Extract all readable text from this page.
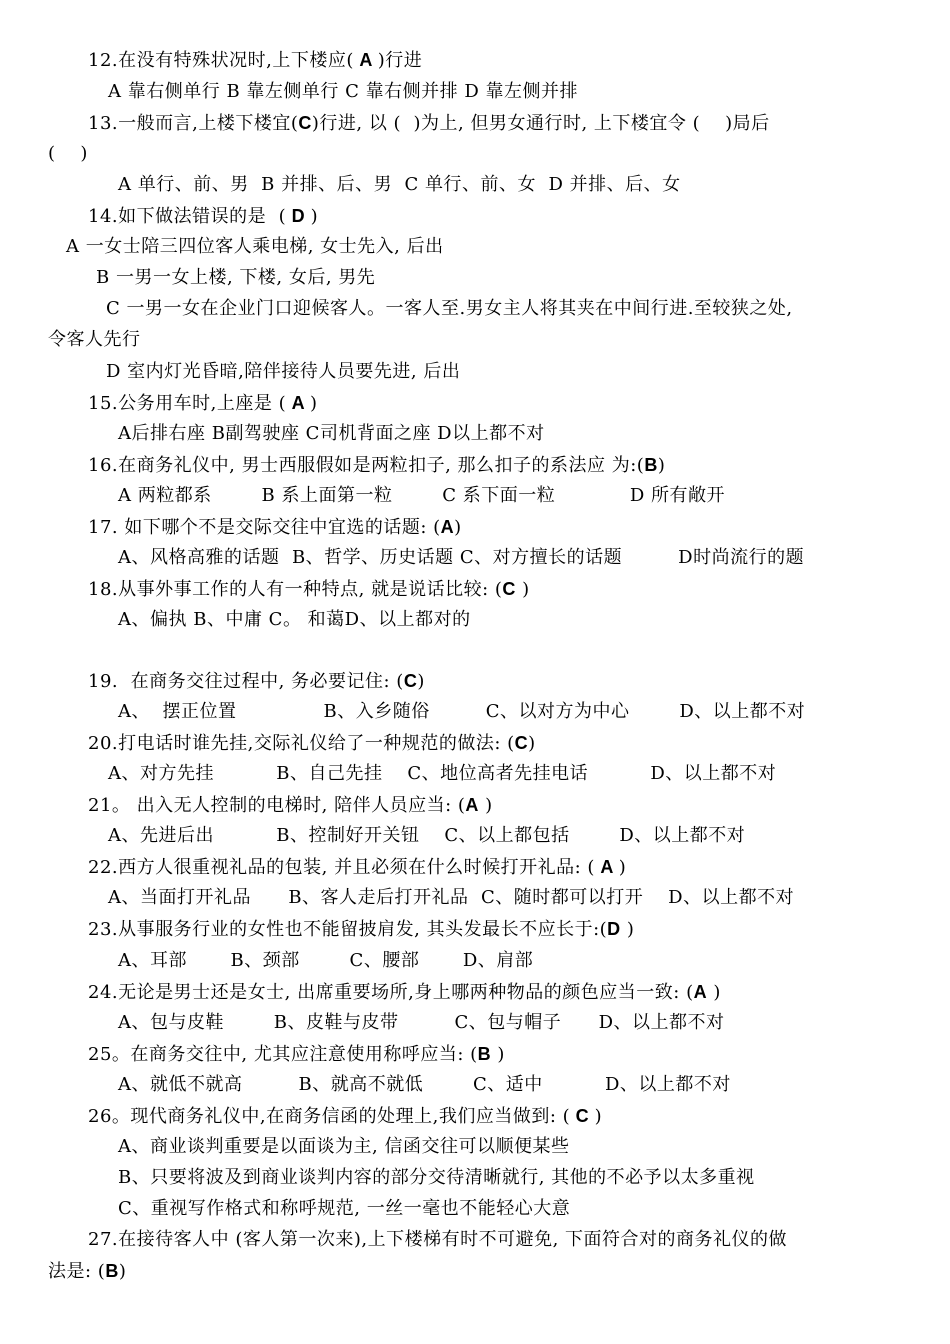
12.在没有特殊状况时,上下楼应( A )行进
A 靠右侧单行 B 靠左侧单行 C 靠右侧并排 D 靠左侧并排
13.一般而言,上楼下楼宜(C)行进, 以 (  )为上, 但男女通行时, 上下楼宜令 (    )局后
(    )
A 单行、前、男  B 并排、后、男  C 单行、前、女  D 并排、后、女
14.如下做法错误的是  ( D )
A 一女士陪三四位客人乘电梯, 女士先入, 后出
B 一男一女上楼, 下楼, 女后, 男先
C 一男一女在企业门口迎候客人。一客人至.男女主人将其夹在中间行进.至较狭之处,
令客人先行
D 室内灯光昏暗,陪伴接待人员要先进, 后出
15.公务用车时,上座是 ( A )
A后排右座 B副驾驶座 C司机背面之座 D以上都不对
16.在商务礼仪中, 男士西服假如是两粒扣子, 那么扣子的系法应 为:(B)
A 两粒都系        B 系上面第一粒        C 系下面一粒            D 所有敞开
17. 如下哪个不是交际交往中宜选的话题: (A)
A、风格高雅的话题  B、哲学、历史话题 C、对方擅长的话题         D时尚流行的题
18.从事外事工作的人有一种特点, 就是说话比较: (C )
A、偏执 B、中庸 C。 和蔼D、以上都对的
19.  在商务交往过程中, 务必要记住: (C)
A、  摆正位置              B、入乡随俗         C、以对方为中心        D、以上都不对
20.打电话时谁先挂,交际礼仪给了一种规范的做法: (C)
A、对方先挂          B、自己先挂    C、地位高者先挂电话          D、以上都不对
21。 出入无人控制的电梯时, 陪伴人员应当: (A )
A、先进后出          B、控制好开关钮    C、以上都包括        D、以上都不对
22.西方人很重视礼品的包装, 并且必须在什么时候打开礼品: ( A )
A、当面打开礼品      B、客人走后打开礼品  C、随时都可以打开    D、以上都不对
23.从事服务行业的女性也不能留披肩发, 其头发最长不应长于:(D )
A、耳部       B、颈部        C、腰部       D、肩部
24.无论是男士还是女士, 出席重要场所,身上哪两种物品的颜色应当一致: (A )
A、包与皮鞋        B、皮鞋与皮带         C、包与帽子      D、以上都不对
25。在商务交往中, 尤其应注意使用称呼应当: (B )
A、就低不就高         B、就高不就低        C、适中          D、以上都不对
26。现代商务礼仪中,在商务信函的处理上,我们应当做到: ( C )
A、商业谈判重要是以面谈为主, 信函交往可以顺便某些
B、只要将波及到商业谈判内容的部分交待清晰就行, 其他的不必予以太多重视
C、重视写作格式和称呼规范, 一丝一毫也不能轻心大意
27.在接待客人中 (客人第一次来),上下楼梯有时不可避免, 下面符合对的商务礼仪的做
法是: (B)
